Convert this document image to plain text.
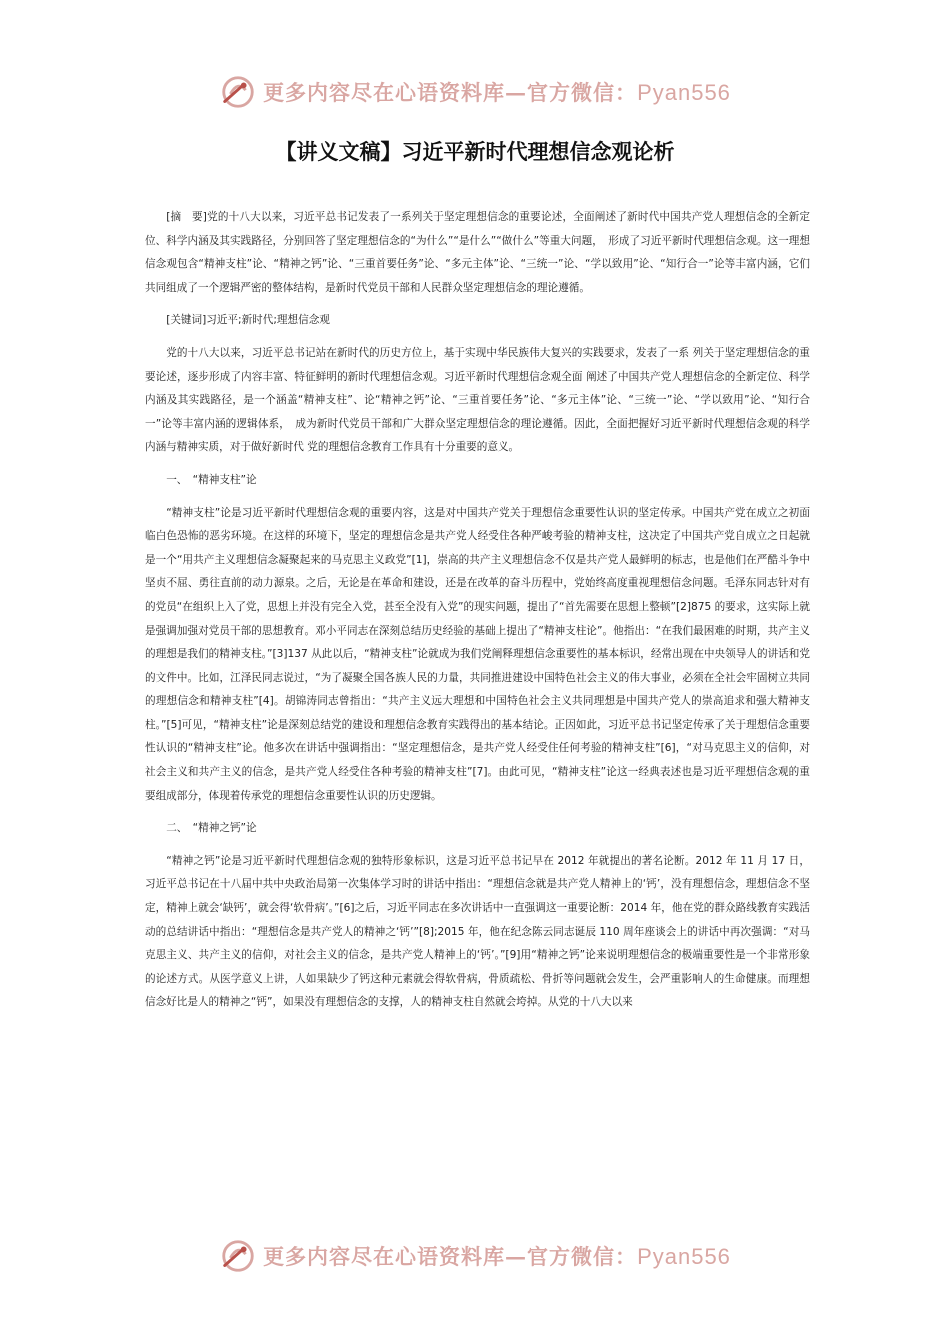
更多内容尽在心语资料库—官方微信：Pyan556
【讲义文稿】习近平新时代理想信念观论析

[摘　要]党的十八大以来，习近平总书记发表了一系列关于坚定理想信念的重要论述，全面阐述了新时代中国共产党人理想信念的全新定位、科学内涵及其实践路径，分别回答了坚定理想信念的“为什么”“是什么”“做什么”等重大问题，　形成了习近平新时代理想信念观。这一理想信念观包含“精神支柱”论、“精神之钙”论、“三重首要任务”论、“多元主体”论、“三统一”论、“学以致用”论、“知行合一”论等丰富内涵，它们共同组成了一个逻辑严密的整体结构，是新时代党员干部和人民群众坚定理想信念的理论遵循。

[关键词]习近平;新时代;理想信念观

党的十八大以来，习近平总书记站在新时代的历史方位上，基于实现中华民族伟大复兴的实践要求，发表了一系 列关于坚定理想信念的重要论述，逐步形成了内容丰富、特征鲜明的新时代理想信念观。习近平新时代理想信念观全面 阐述了中国共产党人理想信念的全新定位、科学内涵及其实践路径，是一个涵盖“精神支柱”、论“精神之钙”论、“三重首要任务”论、“多元主体”论、“三统一”论、“学以致用”论、“知行合一”论等丰富内涵的逻辑体系，　成为新时代党员干部和广大群众坚定理想信念的理论遵循。因此，全面把握好习近平新时代理想信念观的科学内涵与精神实质，对于做好新时代 党的理想信念教育工作具有十分重要的意义。

一、　“精神支柱”论

“精神支柱”论是习近平新时代理想信念观的重要内容，这是对中国共产党关于理想信念重要性认识的坚定传承。中国共产党在成立之初面临白色恐怖的恶劣环境。在这样的环境下，坚定的理想信念是共产党人经受住各种严峻考验的精神支柱，这决定了中国共产党自成立之日起就是一个“用共产主义理想信念凝聚起来的马克思主义政党”[1]，崇高的共产主义理想信念不仅是共产党人最鲜明的标志，也是他们在严酷斗争中坚贞不屈、勇往直前的动力源泉。之后，无论是在革命和建设，还是在改革的奋斗历程中，党始终高度重视理想信念问题。毛泽东同志针对有的党员“在组织上入了党，思想上并没有完全入党，甚至全没有入党”的现实问题，提出了“首先需要在思想上整顿”[2]875 的要求，这实际上就是强调加强对党员干部的思想教育。邓小平同志在深刻总结历史经验的基础上提出了“精神支柱论”。他指出：“在我们最困难的时期，共产主义的理想是我们的精神支柱。”[3]137 从此以后，“精神支柱”论就成为我们党阐释理想信念重要性的基本标识，经常出现在中央领导人的讲话和党的文件中。比如，江泽民同志说过，“为了凝聚全国各族人民的力量，共同推进建设中国特色社会主义的伟大事业，必须在全社会牢固树立共同的理想信念和精神支柱”[4]。胡锦涛同志曾指出：“共产主义远大理想和中国特色社会主义共同理想是中国共产党人的崇高追求和强大精神支柱。”[5]可见，“精神支柱”论是深刻总结党的建设和理想信念教育实践得出的基本结论。正因如此，习近平总书记坚定传承了关于理想信念重要性认识的“精神支柱”论。他多次在讲话中强调指出：“坚定理想信念，是共产党人经受住任何考验的精神支柱”[6]，“对马克思主义的信仰，对社会主义和共产主义的信念，是共产党人经受住各种考验的精神支柱”[7]。由此可见，“精神支柱”论这一经典表述也是习近平理想信念观的重要组成部分，体现着传承党的理想信念重要性认识的历史逻辑。

二、　“精神之钙”论

“精神之钙”论是习近平新时代理想信念观的独特形象标识，这是习近平总书记早在 2012 年就提出的著名论断。2012 年 11 月 17 日，习近平总书记在十八届中共中央政治局第一次集体学习时的讲话中指出：“理想信念就是共产党人精神上的‘钙’，没有理想信念，理想信念不坚定，精神上就会‘缺钙’，就会得‘软骨病’。”[6]之后，习近平同志在多次讲话中一直强调这一重要论断：2014 年，他在党的群众路线教育实践活动的总结讲话中指出：“理想信念是共产党人的精神之‘钙’”[8];2015 年，他在纪念陈云同志诞辰 110 周年座谈会上的讲话中再次强调：“对马克思主义、共产主义的信仰，对社会主义的信念，是共产党人精神上的‘钙’。”[9]用“精神之钙”论来说明理想信念的极端重要性是一个非常形象的论述方式。从医学意义上讲，人如果缺少了钙这种元素就会得软骨病，骨质疏松、骨折等问题就会发生，会严重影响人的生命健康。而理想信念好比是人的精神之“钙”，如果没有理想信念的支撑，人的精神支柱自然就会垮掉。从党的十八大以来

更多内容尽在心语资料库—官方微信：Pyan556
